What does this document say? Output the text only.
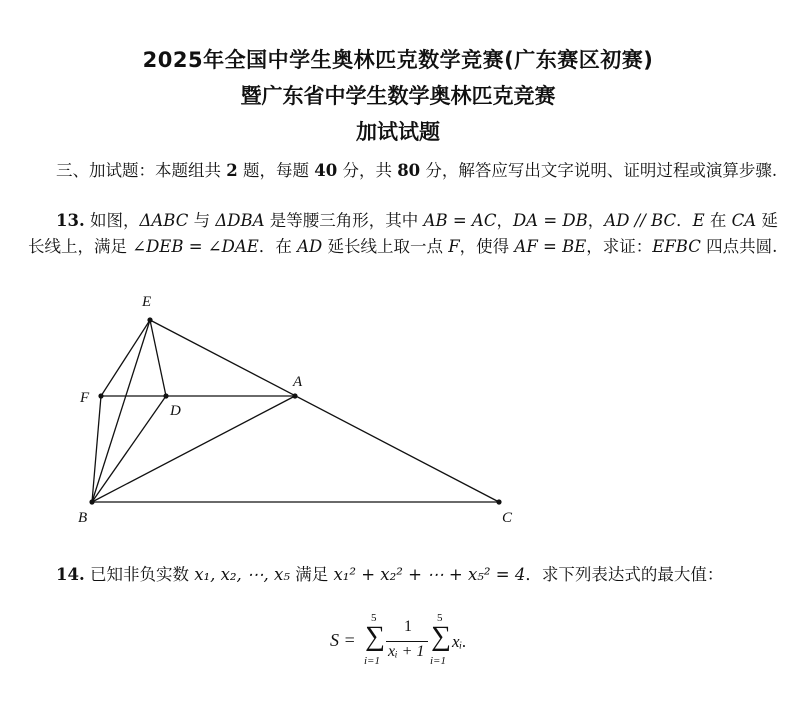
2025年全国中学生奥林匹克数学竞赛(广东赛区初赛)
暨广东省中学生数学奥林匹克竞赛
加试试题
三、加试题：本题组共 2 题，每题 40 分，共 80 分，解答应写出文字说明、证明过程或演算步骤.
13. 如图，ΔABC 与 ΔDBA 是等腰三角形，其中 AB = AC，DA = DB，AD // BC．E 在 CA 延长线上，满足 ∠DEB = ∠DAE．在 AD 延长线上取一点 F，使得 AF = BE，求证：EFBC 四点共圆.
E
F
D
A
B	C
14. 已知非负实数 x₁, x₂, ⋯, x₅ 满足 x₁² + x₂² + ⋯ + x₅² = 4．求下列表达式的最大值：
S =
5
∑
i=1
1
xᵢ + 1
5
∑
i=1
xᵢ.
